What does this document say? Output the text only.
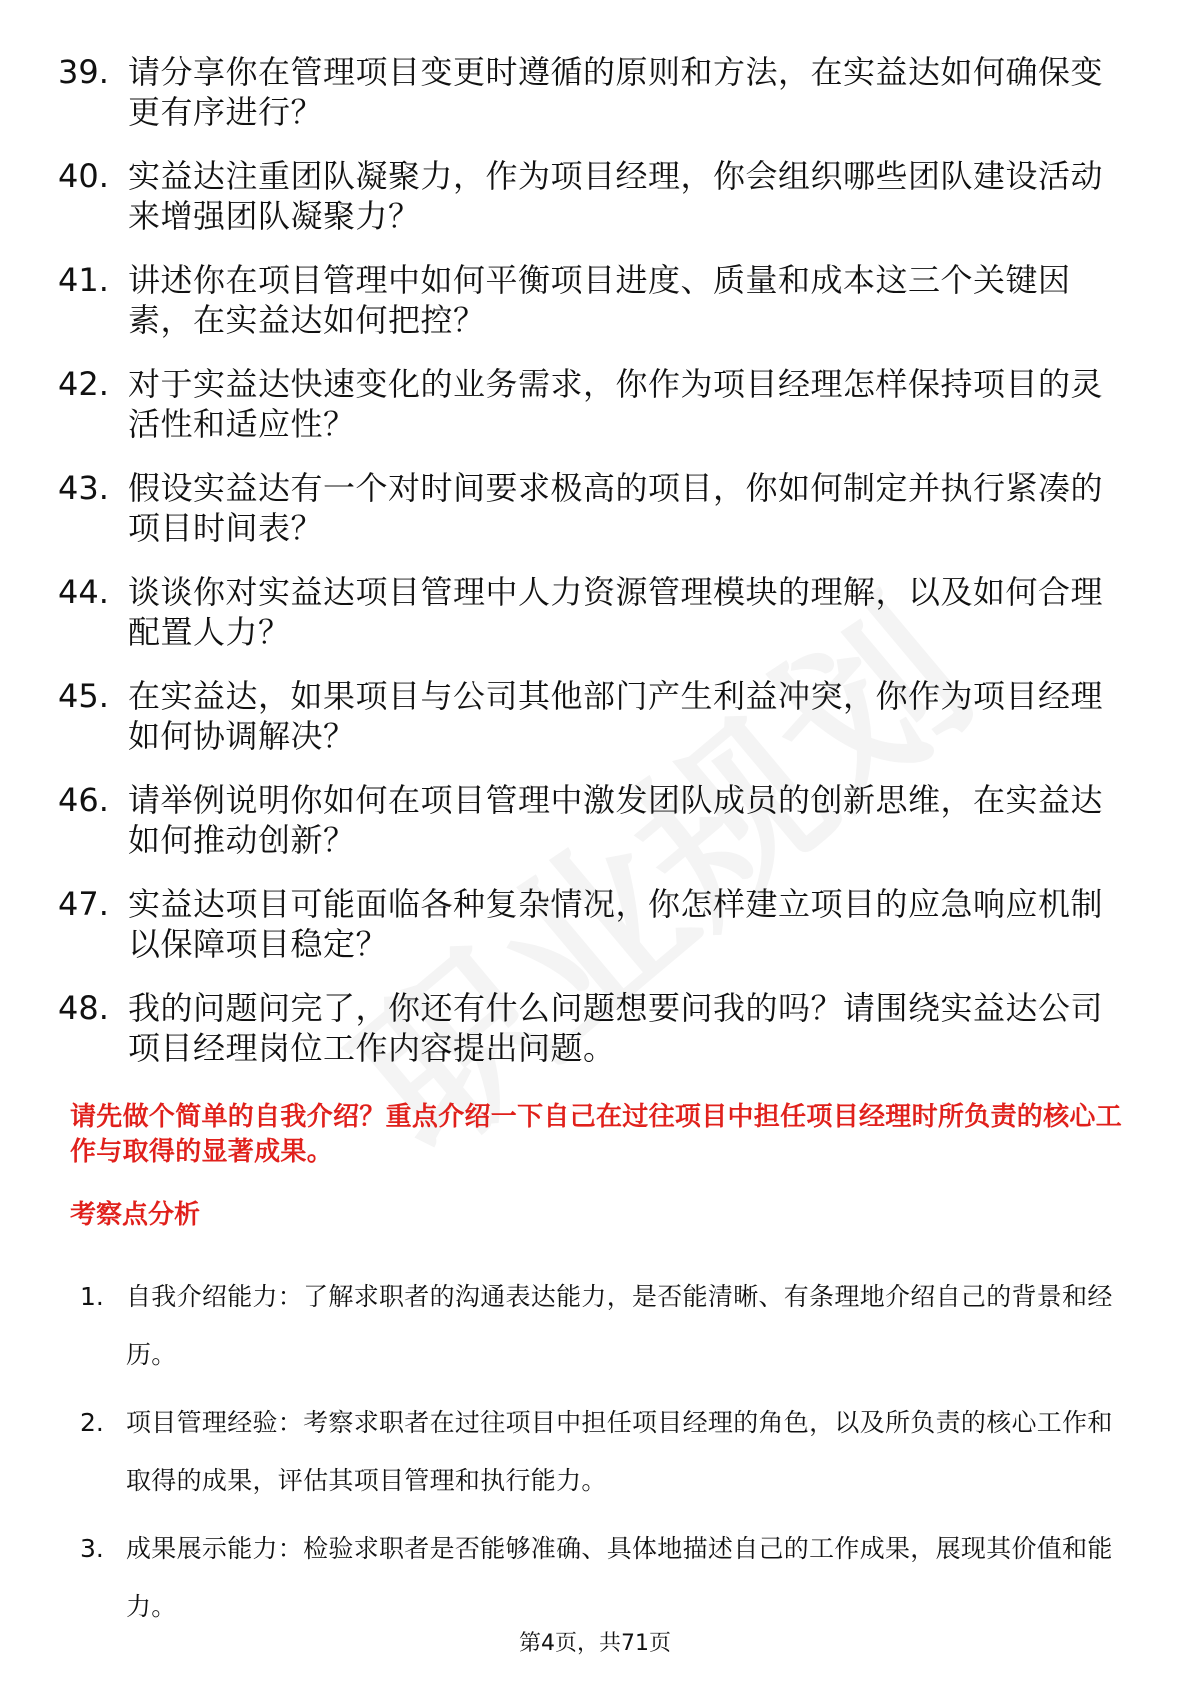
39. 请分享你在管理项目变更时遵循的原则和方法，在实益达如何确保变更有序进行？
40. 实益达注重团队凝聚力，作为项目经理，你会组织哪些团队建设活动来增强团队凝聚力？
41. 讲述你在项目管理中如何平衡项目进度、质量和成本这三个关键因素，在实益达如何把控？
42. 对于实益达快速变化的业务需求，你作为项目经理怎样保持项目的灵活性和适应性？
43. 假设实益达有一个对时间要求极高的项目，你如何制定并执行紧凑的项目时间表？
44. 谈谈你对实益达项目管理中人力资源管理模块的理解，以及如何合理配置人力？
45. 在实益达，如果项目与公司其他部门产生利益冲突，你作为项目经理如何协调解决？
46. 请举例说明你如何在项目管理中激发团队成员的创新思维，在实益达如何推动创新？
47. 实益达项目可能面临各种复杂情况，你怎样建立项目的应急响应机制以保障项目稳定？
48. 我的问题问完了，你还有什么问题想要问我的吗？请围绕实益达公司项目经理岗位工作内容提出问题。
请先做个简单的自我介绍？重点介绍一下自己在过往项目中担任项目经理时所负责的核心工作与取得的显著成果。
考察点分析
1. 自我介绍能力：了解求职者的沟通表达能力，是否能清晰、有条理地介绍自己的背景和经历。
2. 项目管理经验：考察求职者在过往项目中担任项目经理的角色，以及所负责的核心工作和取得的成果，评估其项目管理和执行能力。
3. 成果展示能力：检验求职者是否能够准确、具体地描述自己的工作成果，展现其价值和能力。
第4页，共71页
